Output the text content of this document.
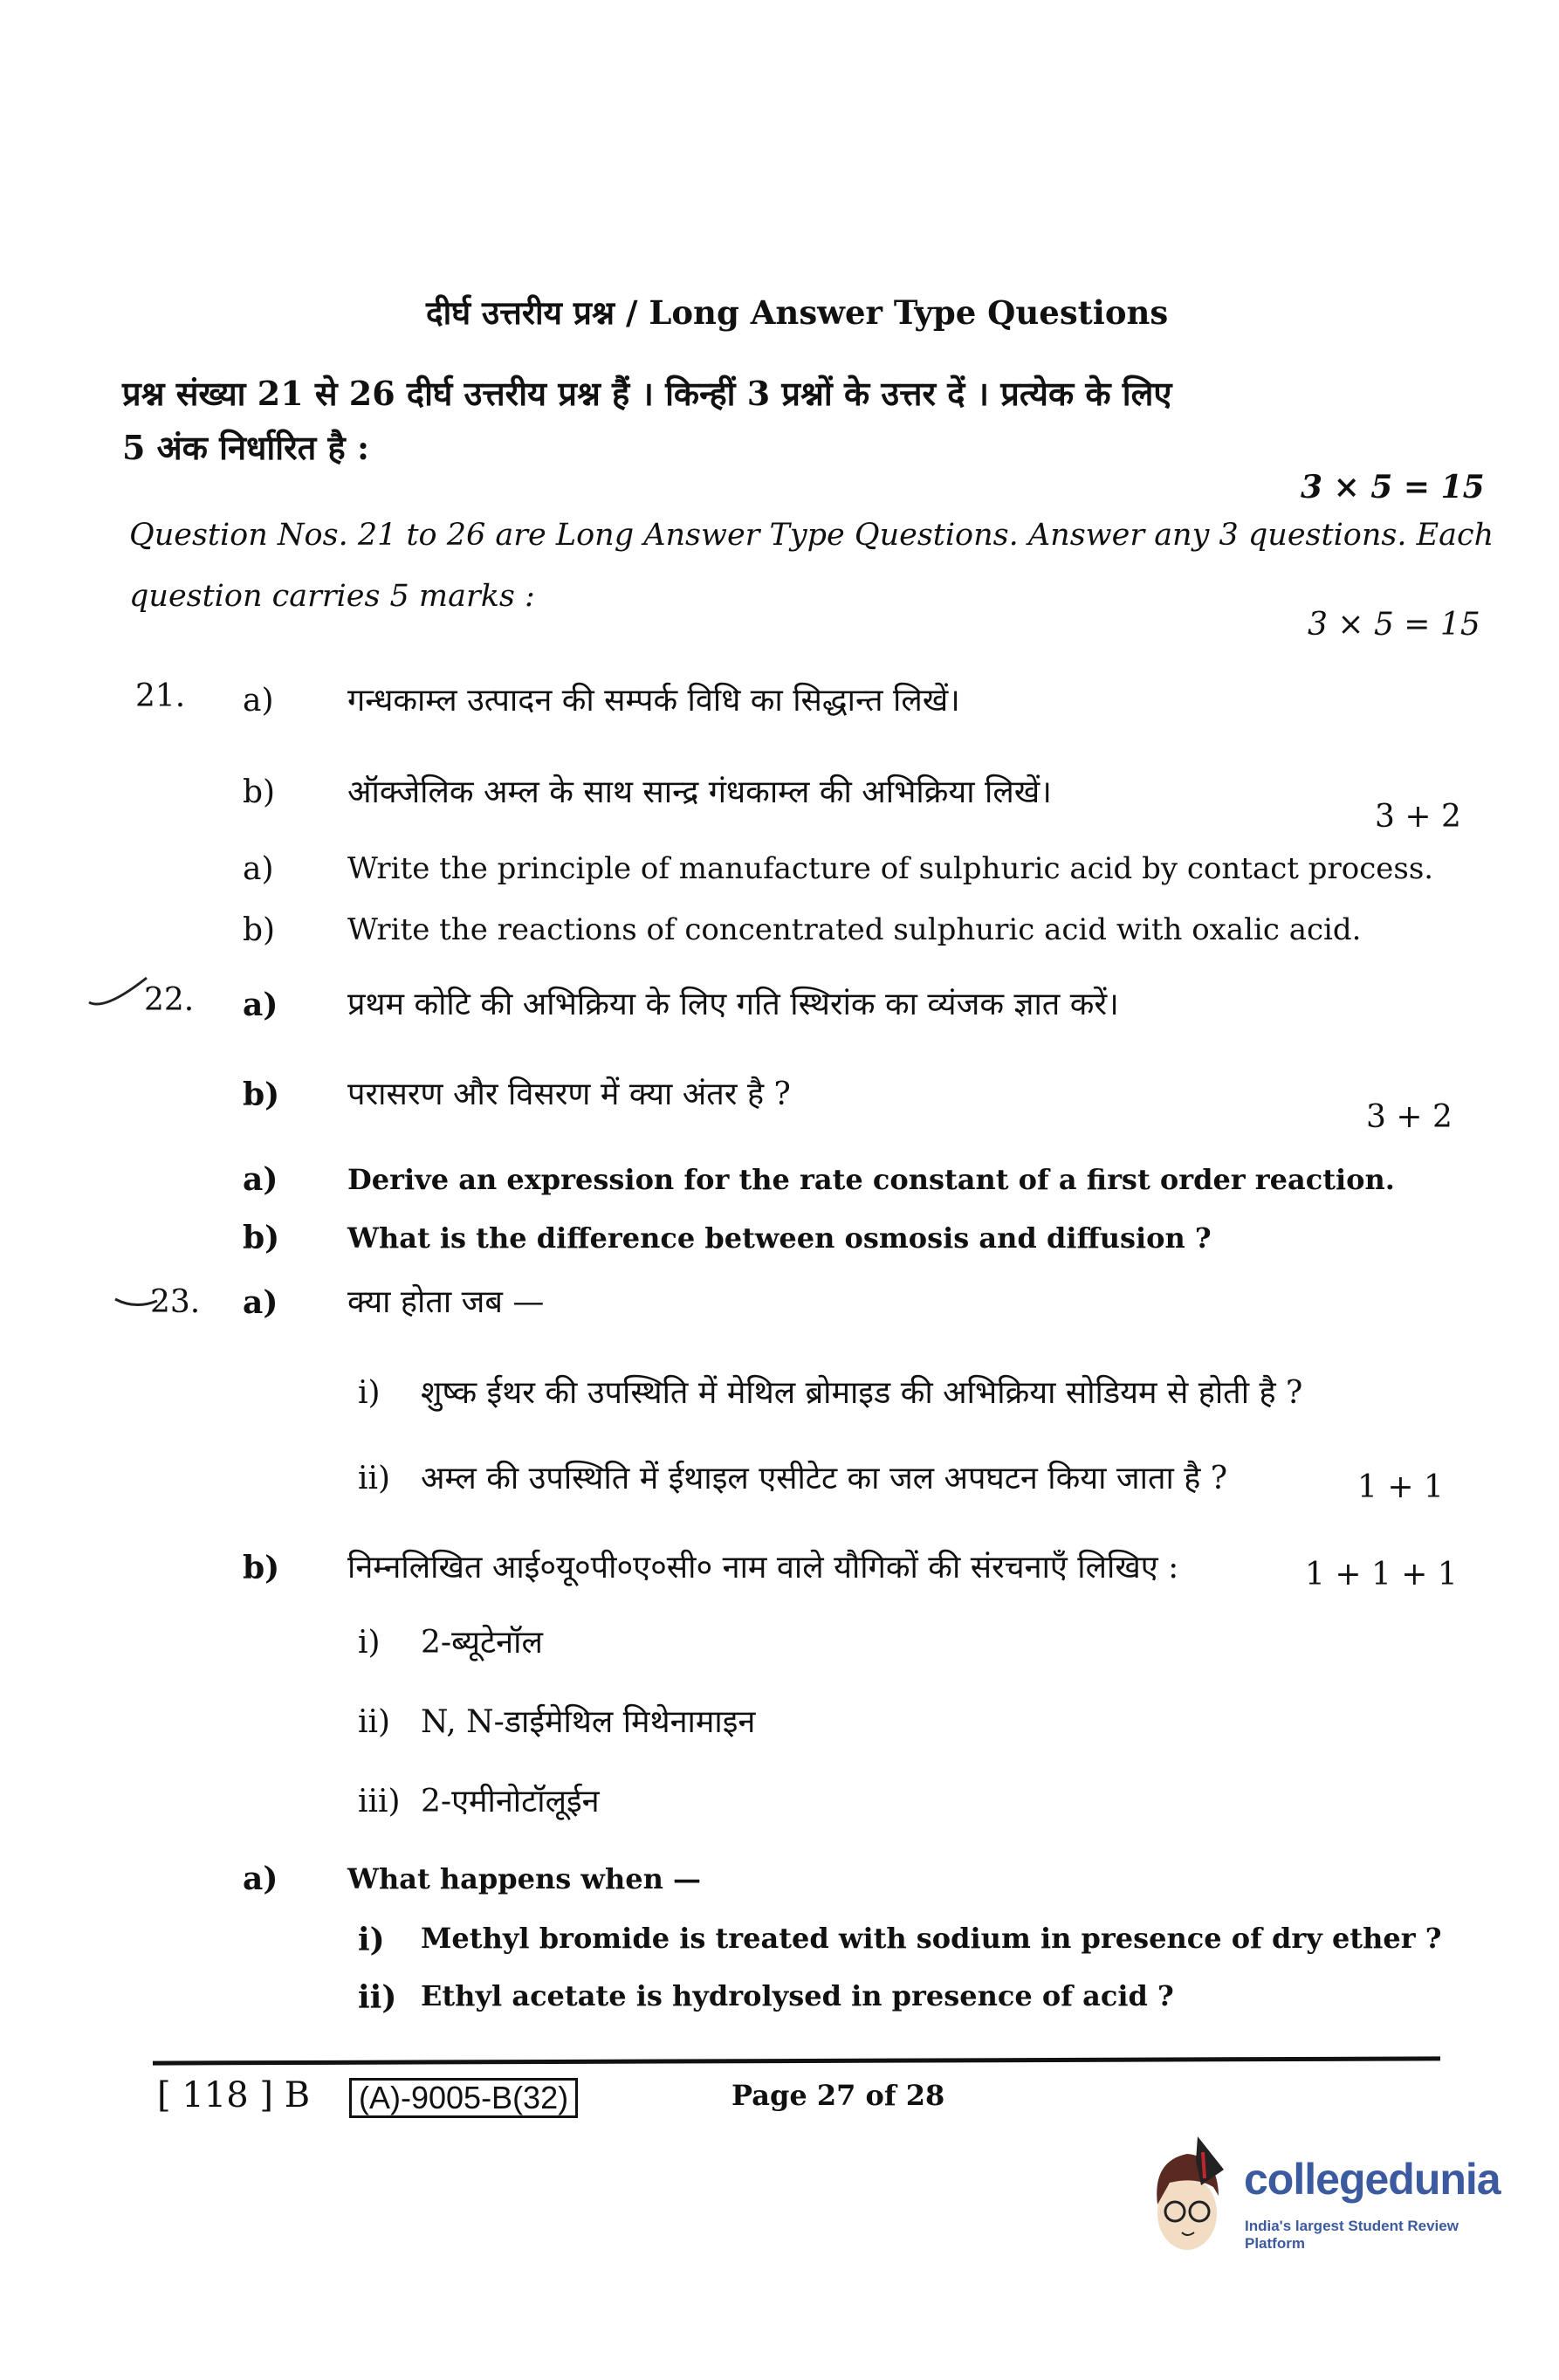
दीर्घ उत्तरीय प्रश्न / Long Answer Type Questions
प्रश्न संख्या 21 से 26 दीर्घ उत्तरीय प्रश्न हैं । किन्हीं 3 प्रश्नों के उत्तर दें । प्रत्येक के लिए
5 अंक निर्धारित है :
3 × 5 = 15
Question Nos. 21 to 26 are Long Answer Type Questions. Answer any 3 questions. Each
question carries 5 marks :
3 × 5 = 15
21. a) गन्धकाम्ल उत्पादन की सम्पर्क विधि का सिद्धान्त लिखें।
b) ऑक्जेलिक अम्ल के साथ सान्द्र गंधकाम्ल की अभिक्रिया लिखें।
3 + 2
a) Write the principle of manufacture of sulphuric acid by contact process.
b) Write the reactions of concentrated sulphuric acid with oxalic acid.
22. a) प्रथम कोटि की अभिक्रिया के लिए गति स्थिरांक का व्यंजक ज्ञात करें।
b) परासरण और विसरण में क्या अंतर है ?
3 + 2
a) Derive an expression for the rate constant of a first order reaction.
b) What is the difference between osmosis and diffusion ?
23. a) क्या होता जब —
i) शुष्क ईथर की उपस्थिति में मेथिल ब्रोमाइड की अभिक्रिया सोडियम से होती है ?
ii) अम्ल की उपस्थिति में ईथाइल एसीटेट का जल अपघटन किया जाता है ?	1 + 1
b) निम्नलिखित आई०यू०पी०ए०सी० नाम वाले यौगिकों की संरचनाएँ लिखिए :	1 + 1 + 1
i) 2-ब्यूटेनॉल
ii) N, N-डाईमेथिल मिथेनामाइन
iii) 2-एमीनोटॉलूईन
a) What happens when —
i) Methyl bromide is treated with sodium in presence of dry ether ?
ii) Ethyl acetate is hydrolysed in presence of acid ?
[ 118 ] B	(A)-9005-B(32)	Page 27 of 28
collegedunia
India's largest Student Review Platform
